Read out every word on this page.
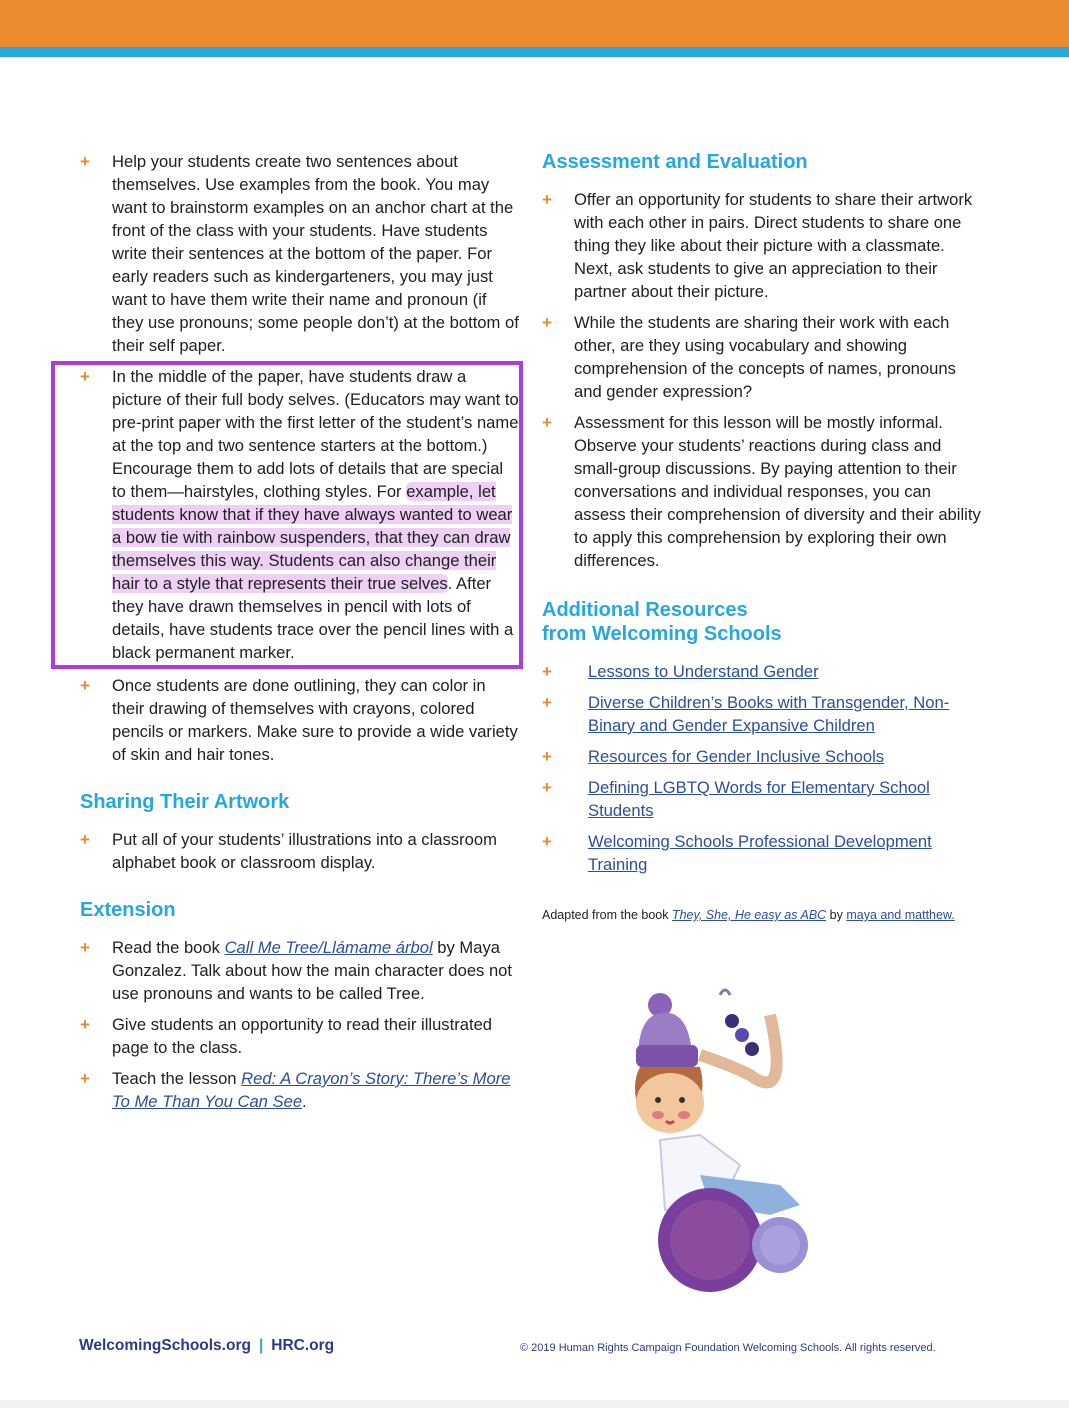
+ Help your students create two sentences about themselves. Use examples from the book. You may want to brainstorm examples on an anchor chart at the front of the class with your students. Have students write their sentences at the bottom of the paper. For early readers such as kindergarteners, you may just want to have them write their name and pronoun (if they use pronouns; some people don’t) at the bottom of their self paper.
+ In the middle of the paper, have students draw a picture of their full body selves. (Educators may want to pre-print paper with the first letter of the student’s name at the top and two sentence starters at the bottom.) Encourage them to add lots of details that are special to them—hairstyles, clothing styles. For example, let students know that if they have always wanted to wear a bow tie with rainbow suspenders, that they can draw themselves this way. Students can also change their hair to a style that represents their true selves. After they have drawn themselves in pencil with lots of details, have students trace over the pencil lines with a black permanent marker.
+ Once students are done outlining, they can color in their drawing of themselves with crayons, colored pencils or markers. Make sure to provide a wide variety of skin and hair tones.
Sharing Their Artwork
+ Put all of your students’ illustrations into a classroom alphabet book or classroom display.
Extension
+ Read the book Call Me Tree/Llámame árbol by Maya Gonzalez. Talk about how the main character does not use pronouns and wants to be called Tree.
+ Give students an opportunity to read their illustrated page to the class.
+ Teach the lesson Red: A Crayon’s Story: There’s More To Me Than You Can See.
Assessment and Evaluation
+ Offer an opportunity for students to share their artwork with each other in pairs. Direct students to share one thing they like about their picture with a classmate. Next, ask students to give an appreciation to their partner about their picture.
+ While the students are sharing their work with each other, are they using vocabulary and showing comprehension of the concepts of names, pronouns and gender expression?
+ Assessment for this lesson will be mostly informal. Observe your students’ reactions during class and small-group discussions. By paying attention to their conversations and individual responses, you can assess their comprehension of diversity and their ability to apply this comprehension by exploring their own differences.
Additional Resources
from Welcoming Schools
+ Lessons to Understand Gender
+ Diverse Children’s Books with Transgender, Non-Binary and Gender Expansive Children
+ Resources for Gender Inclusive Schools
+ Defining LGBTQ Words for Elementary School Students
+ Welcoming Schools Professional Development Training
Adapted from the book They, She, He easy as ABC by maya and matthew.
WelcomingSchools.org | HRC.org	© 2019 Human Rights Campaign Foundation Welcoming Schools. All rights reserved.
